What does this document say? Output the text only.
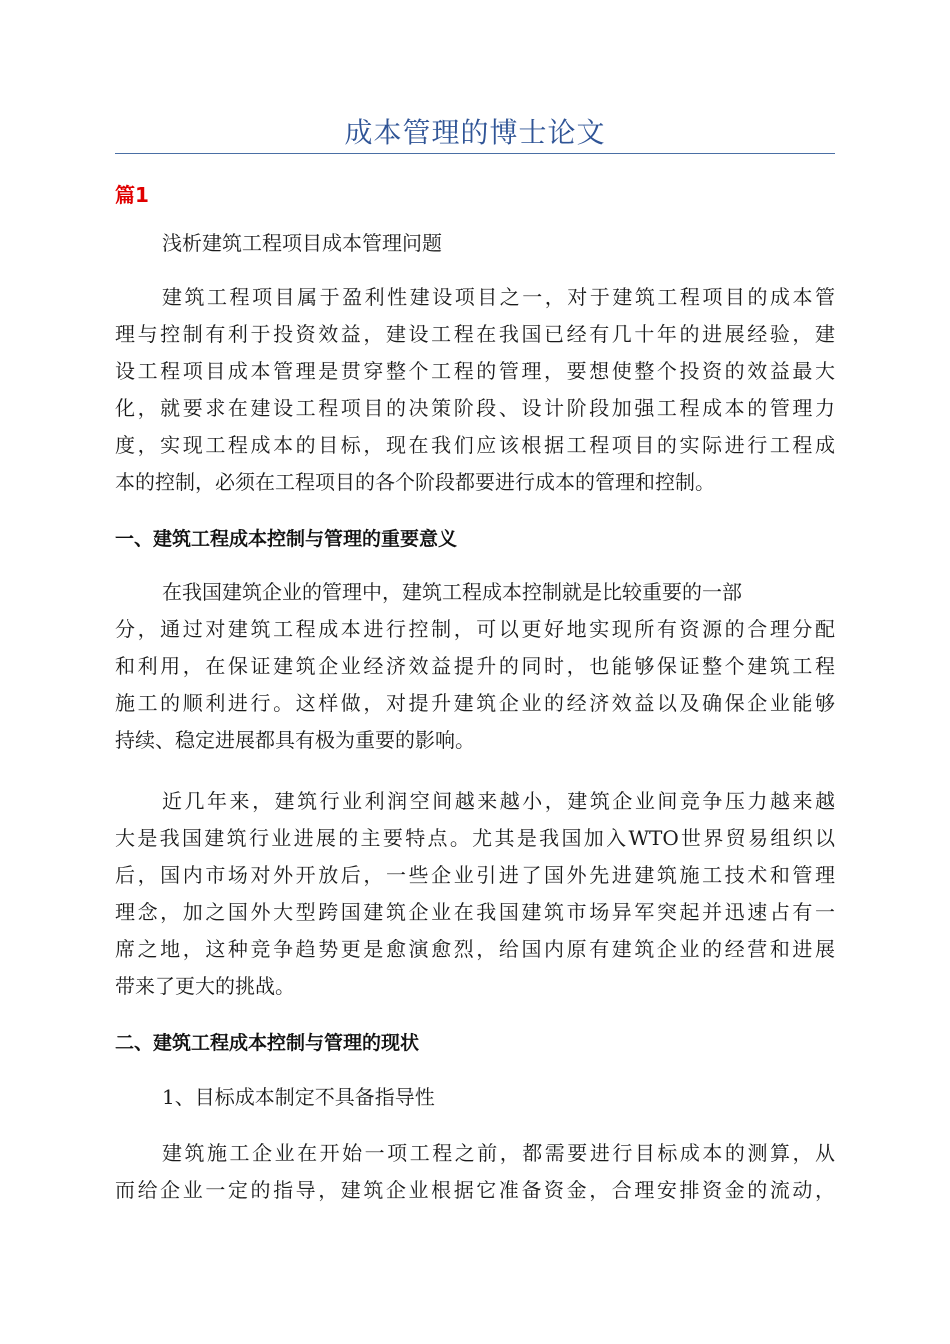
成本管理的博士论文
篇1
浅析建筑工程项目成本管理问题
建筑工程项目属于盈利性建设项目之一，对于建筑工程项目的成本管
理与控制有利于投资效益，建设工程在我国已经有几十年的进展经验，建
设工程项目成本管理是贯穿整个工程的管理，要想使整个投资的效益最大
化，就要求在建设工程项目的决策阶段、设计阶段加强工程成本的管理力
度，实现工程成本的目标，现在我们应该根据工程项目的实际进行工程成
本的控制，必须在工程项目的各个阶段都要进行成本的管理和控制。
一、建筑工程成本控制与管理的重要意义
在我国建筑企业的管理中，建筑工程成本控制就是比较重要的一部
分，通过对建筑工程成本进行控制，可以更好地实现所有资源的合理分配
和利用，在保证建筑企业经济效益提升的同时，也能够保证整个建筑工程
施工的顺利进行。这样做，对提升建筑企业的经济效益以及确保企业能够
持续、稳定进展都具有极为重要的影响。
近几年来，建筑行业利润空间越来越小，建筑企业间竞争压力越来越
大是我国建筑行业进展的主要特点。尤其是我国加入WTO世界贸易组织以
后，国内市场对外开放后，一些企业引进了国外先进建筑施工技术和管理
理念，加之国外大型跨国建筑企业在我国建筑市场异军突起并迅速占有一
席之地，这种竞争趋势更是愈演愈烈，给国内原有建筑企业的经营和进展
带来了更大的挑战。
二、建筑工程成本控制与管理的现状
1、目标成本制定不具备指导性
建筑施工企业在开始一项工程之前，都需要进行目标成本的测算，从
而给企业一定的指导，建筑企业根据它准备资金，合理安排资金的流动，
